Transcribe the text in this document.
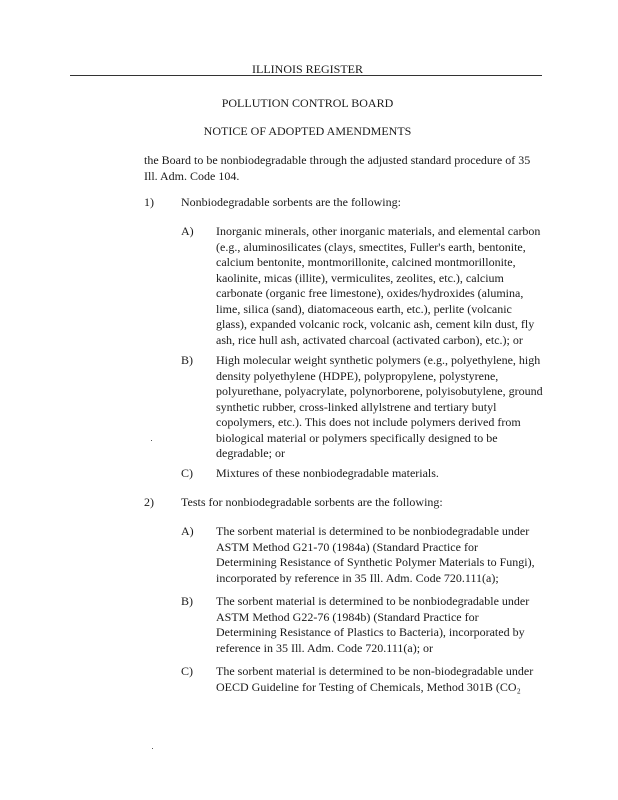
ILLINOIS REGISTER
POLLUTION CONTROL BOARD
NOTICE OF ADOPTED AMENDMENTS
the Board to be nonbiodegradable through the adjusted standard procedure of 35
Ill. Adm. Code 104.
1) Nonbiodegradable sorbents are the following:
A) Inorganic minerals, other inorganic materials, and elemental carbon
(e.g., aluminosilicates (clays, smectites, Fuller's earth, bentonite,
calcium bentonite, montmorillonite, calcined montmorillonite,
kaolinite, micas (illite), vermiculites, zeolites, etc.), calcium
carbonate (organic free limestone), oxides/hydroxides (alumina,
lime, silica (sand), diatomaceous earth, etc.), perlite (volcanic
glass), expanded volcanic rock, volcanic ash, cement kiln dust, fly
ash, rice hull ash, activated charcoal (activated carbon), etc.); or
B) High molecular weight synthetic polymers (e.g., polyethylene, high
density polyethylene (HDPE), polypropylene, polystyrene,
polyurethane, polyacrylate, polynorborene, polyisobutylene, ground
synthetic rubber, cross-linked allylstrene and tertiary butyl
copolymers, etc.). This does not include polymers derived from
biological material or polymers specifically designed to be
degradable; or
C) Mixtures of these nonbiodegradable materials.
2) Tests for nonbiodegradable sorbents are the following:
A) The sorbent material is determined to be nonbiodegradable under
ASTM Method G21-70 (1984a) (Standard Practice for
Determining Resistance of Synthetic Polymer Materials to Fungi),
incorporated by reference in 35 Ill. Adm. Code 720.111(a);
B) The sorbent material is determined to be nonbiodegradable under
ASTM Method G22-76 (1984b) (Standard Practice for
Determining Resistance of Plastics to Bacteria), incorporated by
reference in 35 Ill. Adm. Code 720.111(a); or
C) The sorbent material is determined to be non-biodegradable under
OECD Guideline for Testing of Chemicals, Method 301B (CO₂
